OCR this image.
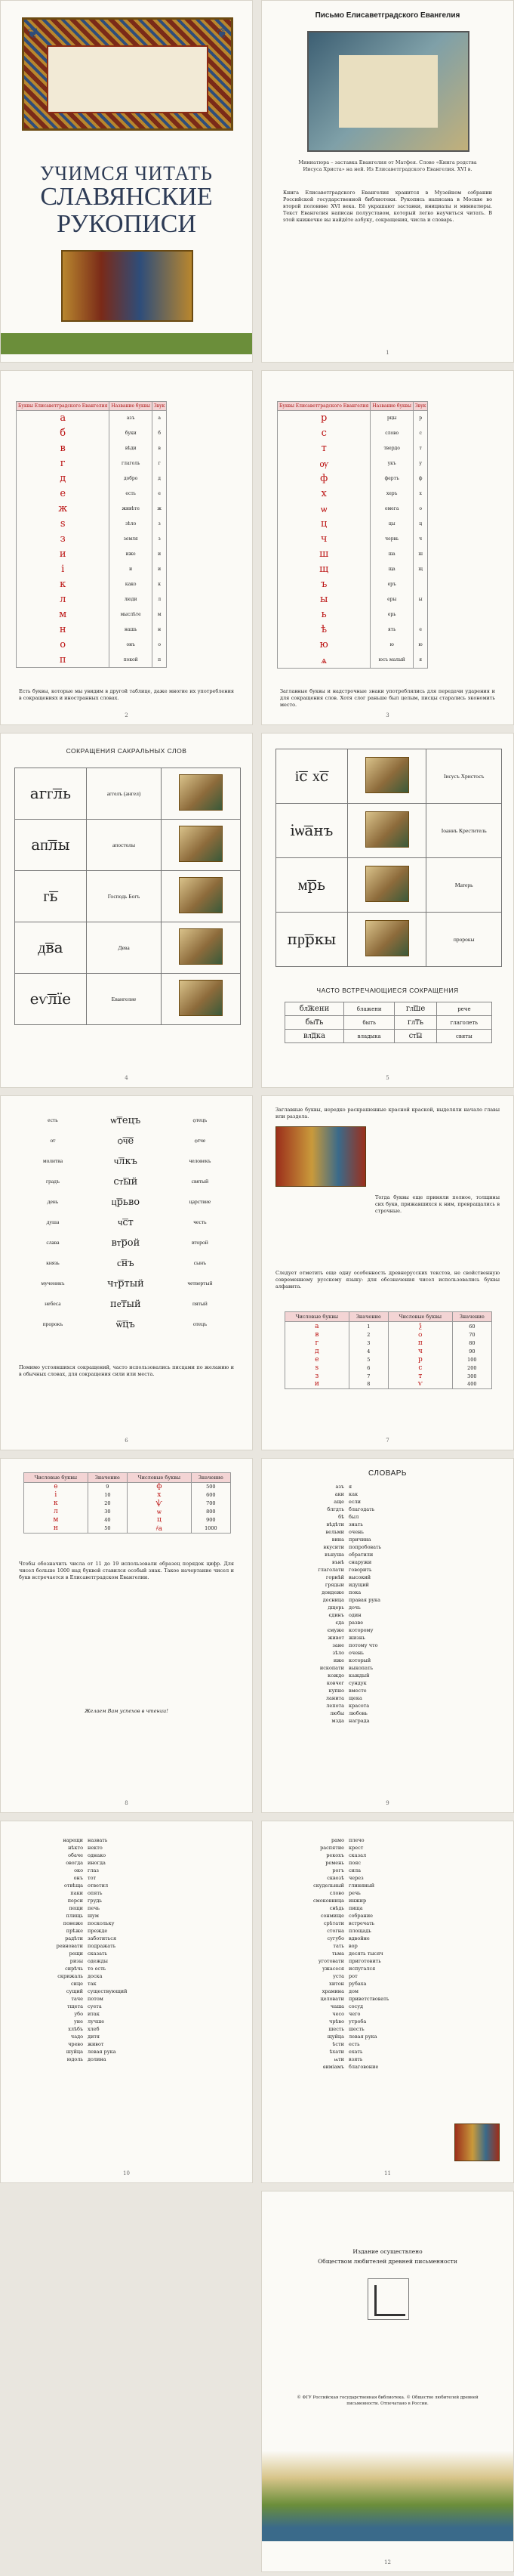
❦	❦
УЧИМСЯ ЧИТАТЬ
СЛАВЯНСКИЕ
РУКОПИСИ
Письмо Елисаветградского Евангелия
Миниатюра – заставка Евангелия от Матфея. Слово «Книга родства Иисуса Христа» на ней. Из Елисаветградского Евангелия. XVI в.
Книга Елисаветградского Евангелия хранится в Музейном собрании Российской государственной библиотеки. Рукопись написана в Москве во второй половине XVI века. Её украшают заставки, инициалы и миниатюры. Текст Евангелия написан полууставом, который легко научиться читать. В этой книжечке вы найдёте азбуку, сокращения, числа и словарь.
1
Буквы Елисаветградского Евангелия	Название буквы	Звук
а	азъ	а
б	буки	б
в	вѣди	в
г	глаголь	г
д	добро	д
е	есть	е
ж	живѣте	ж
ѕ	зѣло	з
з	земля	з
и	иже	и
і	и	и
к	како	к
л	люди	л
м	мыслѣте	м
н	нашь	н
о	онъ	о
п	покой	п
Есть буквы, которые мы увидим в другой таблице, даже многие их употребления в сокращениях и иностранных словах.
2
Буквы Елисаветградского Евангелия	Название буквы	Звук
р	рцы	р
с	слово	с
т	твердо	т
ѹ	укъ	у
ф	фертъ	ф
х	херъ	х
ѡ	омега	о
ц	цы	ц
ч	червь	ч
ш	ша	ш
щ	ща	щ
ъ	еръ	
ы	еры	ы
ь	ерь	
ѣ	ять	е
ю	ю	ю
ѧ	юсъ малый	я
Заглавные буквы и надстрочные знаки употреблялись для передачи ударения и для сокращения слов. Хотя слог раньше был целым, писцы старались экономить место.
3
СОКРАЩЕНИЯ САКРАЛЬНЫХ СЛОВ
агг͞ль	аггелъ (ангел)	
ап͞лы	апостолы	
г͞ь	Господь Богъ	
д͞ва	Дева	
еѵ͞лїе	Евангелие	
4
і͞с х͞с		Іисусъ Христосъ
іѡ͞анъ		Іоаннъ Креститель
м͞рь		Матерь
пр͞ркы		пророкы
ЧАСТО ВСТРЕЧАЮЩИЕСЯ СОКРАЩЕНИЯ
бл͞жени	блажени	гл͞ше	рече
бы͞ть	быть	гл͞ть	глаголеть
вл͞дка	владыка	ст͞ы	святы
5
есть	ѡ͞тецъ	ѻтецъ
от	ѻ͞ч͞е	ѻтче
молитва	ч͞лкъ	человекъ
градъ	ст͞ый	святый
день	ц͞рьво	царствие
душа	ч͞ст	честь
слава	вт͞рой	второй
князь	с͞нъ	сынъ
мученикъ	чт͞ртый	четвертый
небеса	пе͞тый	пятый
пророкъ	ѿ͞цъ	отецъ
Помимо устоявшихся сокращений, часто использовались писцами по желанию и в обычных словах, для сокращения сили или места.
6
Заглавные буквы, нередко раскрашенные красной краской, выделяли начало главы или раздела.
Тогда буквы еще приняли полное, толщины сих букв, прижавшихся к ним, превращались в строчные.
Следует отметить еще одну особенность древнерусских текстов, не свойственную современному русскому языку: для обозначения чисел использовались буквы алфавита.
Числовые буквы	Значение	Числовые буквы	Значение
а	1	ѯ	60
в	2	ѻ	70
г	3	п	80
д	4	ч	90
е	5	р	100
ѕ	6	с	200
з	7	т	300
и	8	ѵ	400
7
Числовые буквы	Значение	Числовые буквы	Значение
ѳ	9	ф	500
і	10	х	600
к	20	ѱ	700
л	30	ѡ	800
м	40	ц	900
н	50	҂а	1000
Чтобы обозначить числа от 11 до 19 использовали образец порядок цифр. Для чисел больше 1000 над буквой ставился особый знак. Такое начертание чисел и букв встречается в Елисаветградском Евангелии.
Желаем Вам успехов в чтении!
8
СЛОВАРЬ
азъ я
аки как
аще если
блгдть благодать
бѣ был
вѣдѣти знать
вельми очень
вина причина
вкусити попробовать
вънуша обратили
вънѣ снаружи
глаголати говорить
горнѣй высокий
грядыи идущий
дондеже пока
десница правая рука
дщерь дочь
єдинъ один
єда разве
ємуже которому
живот жизнь
зане потому что
зѣло очень
иже который
ископати выкопать
кождо каждый
ковчег сундук
купно вместе
ланита щека
лепота красота
любы любовь
мзда награда
9
нарещи назвать
нѣкто некто
обаче однако
овогда иногда
око глаз
онъ тот
отвѣща ответил
паки опять
перси грудь
пещи печь
плищь шум
понеже поскольку
прѣже прежде
радѣти заботиться
ревновати подражать
рещи сказать
ризы одежды
сирѣчь то есть
скрижаль доска
сице так
сущий существующий
таче потом
тщета суета
убо итак
уне лучше
хлѣбъ хлеб
чадо дитя
чрево живот
шуйца левая рука
юдоль долина
10
рамо плечо
распятие крест
рекохъ сказал
ремень пояс
рогъ сила
сквозѣ через
скудельный глиняный
слово речь
смоковница инжир
снѣдь пища
сонмище собрание
срѣтати встречать
стогна площадь
сугубо вдвойне
тать вор
тьма десять тысяч
уготовати приготовить
ужасеся испугался
уста рот
хитон рубаха
храмина дом
целовати приветствовать
чаша сосуд
чесо чего
чрѣво утроба
шесть шесть
щуйца левая рука
ѣсти есть
ѣхати ехать
ѩти взять
ѳиміамъ благовоние
11
Издание осуществлено
Обществом любителей древней письменности
© ФГУ Российская государственная библиотека. © Общество любителей древней письменности. Отпечатано в России.
12
